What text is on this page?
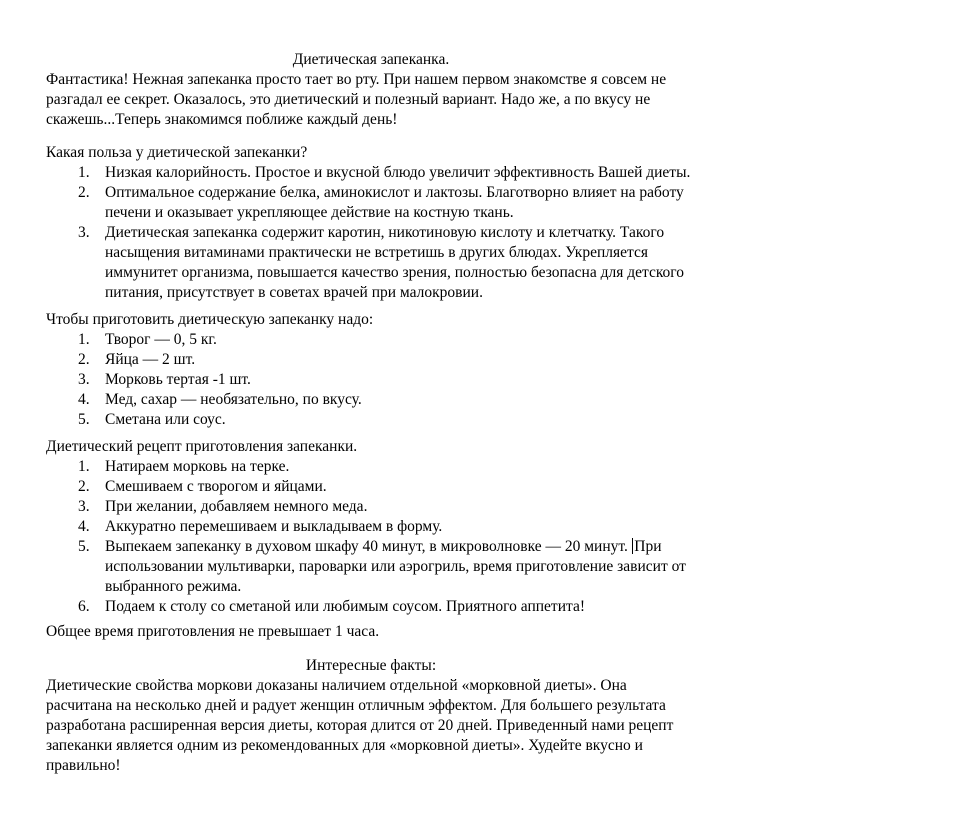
Диетическая запеканка.

Фантастика! Нежная запеканка просто тает во рту. При нашем первом знакомстве я совсем не разгадал ее секрет. Оказалось, это диетический и полезный вариант. Надо же, а по вкусу не скажешь...Теперь знакомимся поближе каждый день!

Какая польза у диетической запеканки?

1. Низкая калорийность. Простое и вкусной блюдо увеличит эффективность Вашей диеты.
2. Оптимальное содержание белка, аминокислот и лактозы. Благотворно влияет на работу печени и оказывает укрепляющее действие на костную ткань.
3. Диетическая запеканка содержит каротин, никотиновую кислоту и клетчатку. Такого насыщения витаминами практически не встретишь в других блюдах. Укрепляется иммунитет организма, повышается качество зрения, полностью безопасна для детского питания, присутствует в советах врачей при малокровии.

Чтобы приготовить диетическую запеканку надо:

1. Творог — 0, 5 кг.
2. Яйца — 2 шт.
3. Морковь тертая -1 шт.
4. Мед, сахар — необязательно, по вкусу.
5. Сметана или соус.

Диетический рецепт приготовления запеканки.

1. Натираем морковь на терке.
2. Смешиваем с творогом и яйцами.
3. При желании, добавляем немного меда.
4. Аккуратно перемешиваем и выкладываем в форму.
5. Выпекаем запеканку в духовом шкафу 40 минут, в микроволновке — 20 минут. При использовании мультиварки, пароварки или аэрогриль, время приготовление зависит от выбранного режима.
6. Подаем к столу со сметаной или любимым соусом. Приятного аппетита!

Общее время приготовления не превышает 1 часа.

Интересные факты:

Диетические свойства моркови доказаны наличием отдельной «морковной диеты». Она расчитана на несколько дней и радует женщин отличным эффектом. Для большего результата разработана расширенная версия диеты, которая длится от 20 дней. Приведенный нами рецепт запеканки является одним из рекомендованных для «морковной диеты». Худейте вкусно и правильно!
